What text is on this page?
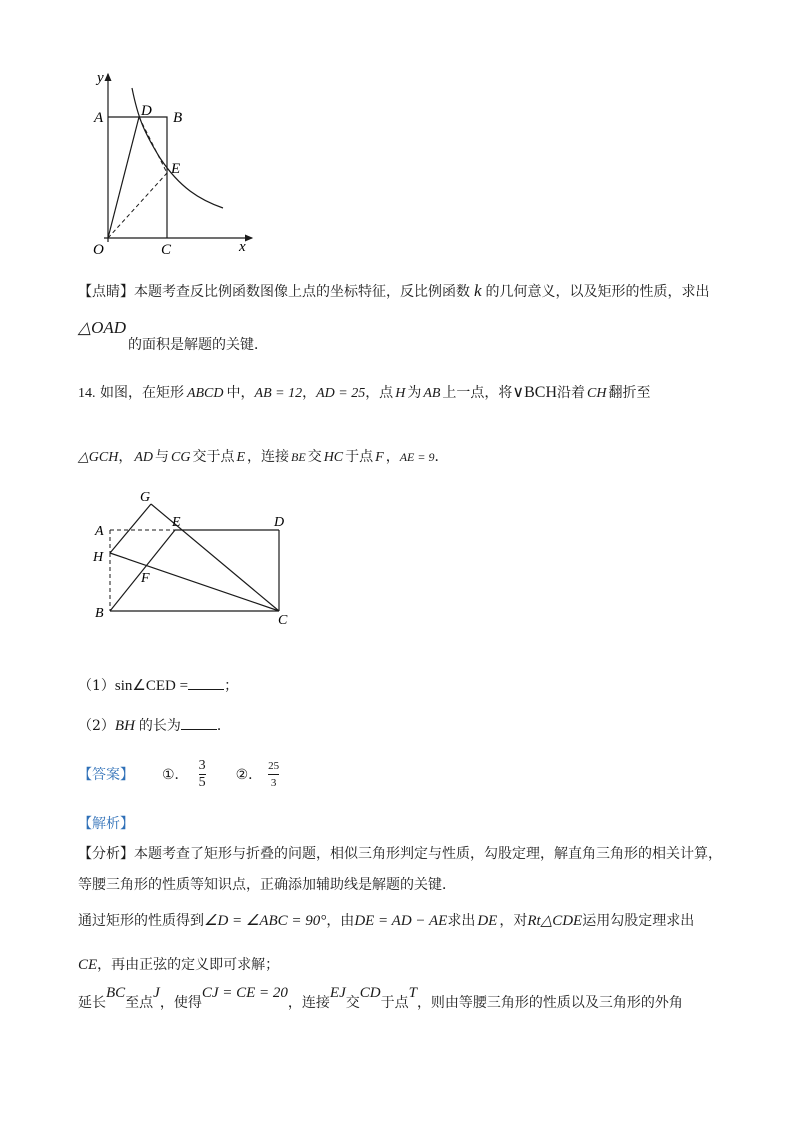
y
A	D B
E
O	C	x
【点睛】本题考查反比例函数图像上点的坐标特征，反比例函数 k 的几何意义，以及矩形的性质，求出
△OAD
的面积是解题的关键．
14. 如图，在矩形 ABCD 中，AB = 12，AD = 25，点 H 为 AB 上一点，将∨BCH沿着 CH 翻折至
△GCH， AD 与 CG 交于点 E ，连接 BE 交 HC 于点 F ，AE = 9．
G
A
E	D
H
F
B	C
（1）sin∠CED =	；
（2）BH 的长为	．
【答案】 ①． $\frac{3}{5}$ ②． $\frac{25}{3}$
【解析】
【分析】本题考查了矩形与折叠的问题，相似三角形判定与性质，勾股定理，解直角三角形的相关计算，
等腰三角形的性质等知识点，正确添加辅助线是解题的关键．
通过矩形的性质得到∠D = ∠ABC = 90°，由DE = AD − AE求出 DE ，对Rt△CDE运用勾股定理求出
CE，再由正弦的定义即可求解；
延长
BC
至点
J
，使得
CJ = CE = 20
，连接
EJ
交
CD
于点
T
，则由等腰三角形的性质以及三角形的外角
